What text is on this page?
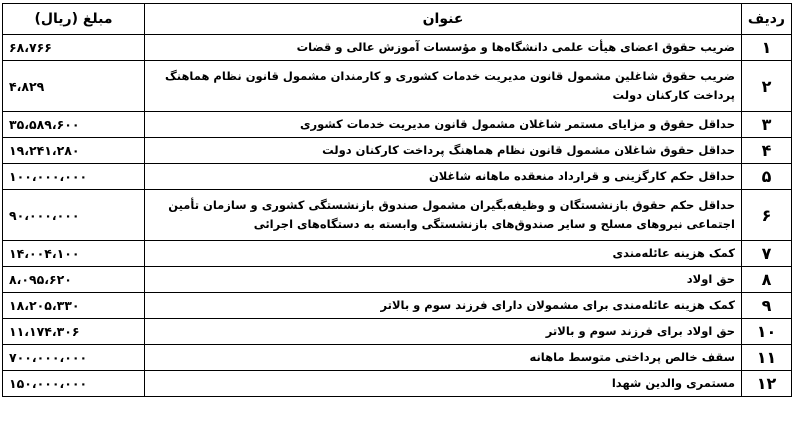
ردیف	عنوان	مبلغ (ریال)
۱	ضریب حقوق اعضای هیأت علمی دانشگاه‌ها و مؤسسات آموزش عالی و قضات	۶۸،۷۶۶
۲	ضریب حقوق شاغلین مشمول قانون مدیریت خدمات کشوری و کارمندان مشمول قانون نظام هماهنگ پرداخت کارکنان دولت	۴،۸۲۹
۳	حداقل حقوق و مزایای مستمر شاغلان مشمول قانون مدیریت خدمات کشوری	۳۵،۵۸۹،۶۰۰
۴	حداقل حقوق شاغلان مشمول قانون نظام هماهنگ پرداخت کارکنان دولت	۱۹،۲۴۱،۲۸۰
۵	حداقل حکم کارگزینی و قرارداد منعقده ماهانه شاغلان	۱۰۰،۰۰۰،۰۰۰
۶	حداقل حکم حقوق بازنشستگان و وظیفه‌بگیران مشمول صندوق بازنشستگی کشوری و سازمان تأمین اجتماعی نیروهای مسلح و سایر صندوق‌های بازنشستگی وابسته به دستگاه‌های اجرائی	۹۰،۰۰۰،۰۰۰
۷	کمک هزینه عائله‌مندی	۱۴،۰۰۴،۱۰۰
۸	حق اولاد	۸،۰۹۵،۶۲۰
۹	کمک هزینه عائله‌مندی برای مشمولان دارای فرزند سوم و بالاتر	۱۸،۲۰۵،۳۳۰
۱۰	حق اولاد برای فرزند سوم و بالاتر	۱۱،۱۷۴،۳۰۶
۱۱	سقف خالص پرداختی متوسط ماهانه	۷۰۰،۰۰۰،۰۰۰
۱۲	مستمری والدین شهدا	۱۵۰،۰۰۰،۰۰۰
